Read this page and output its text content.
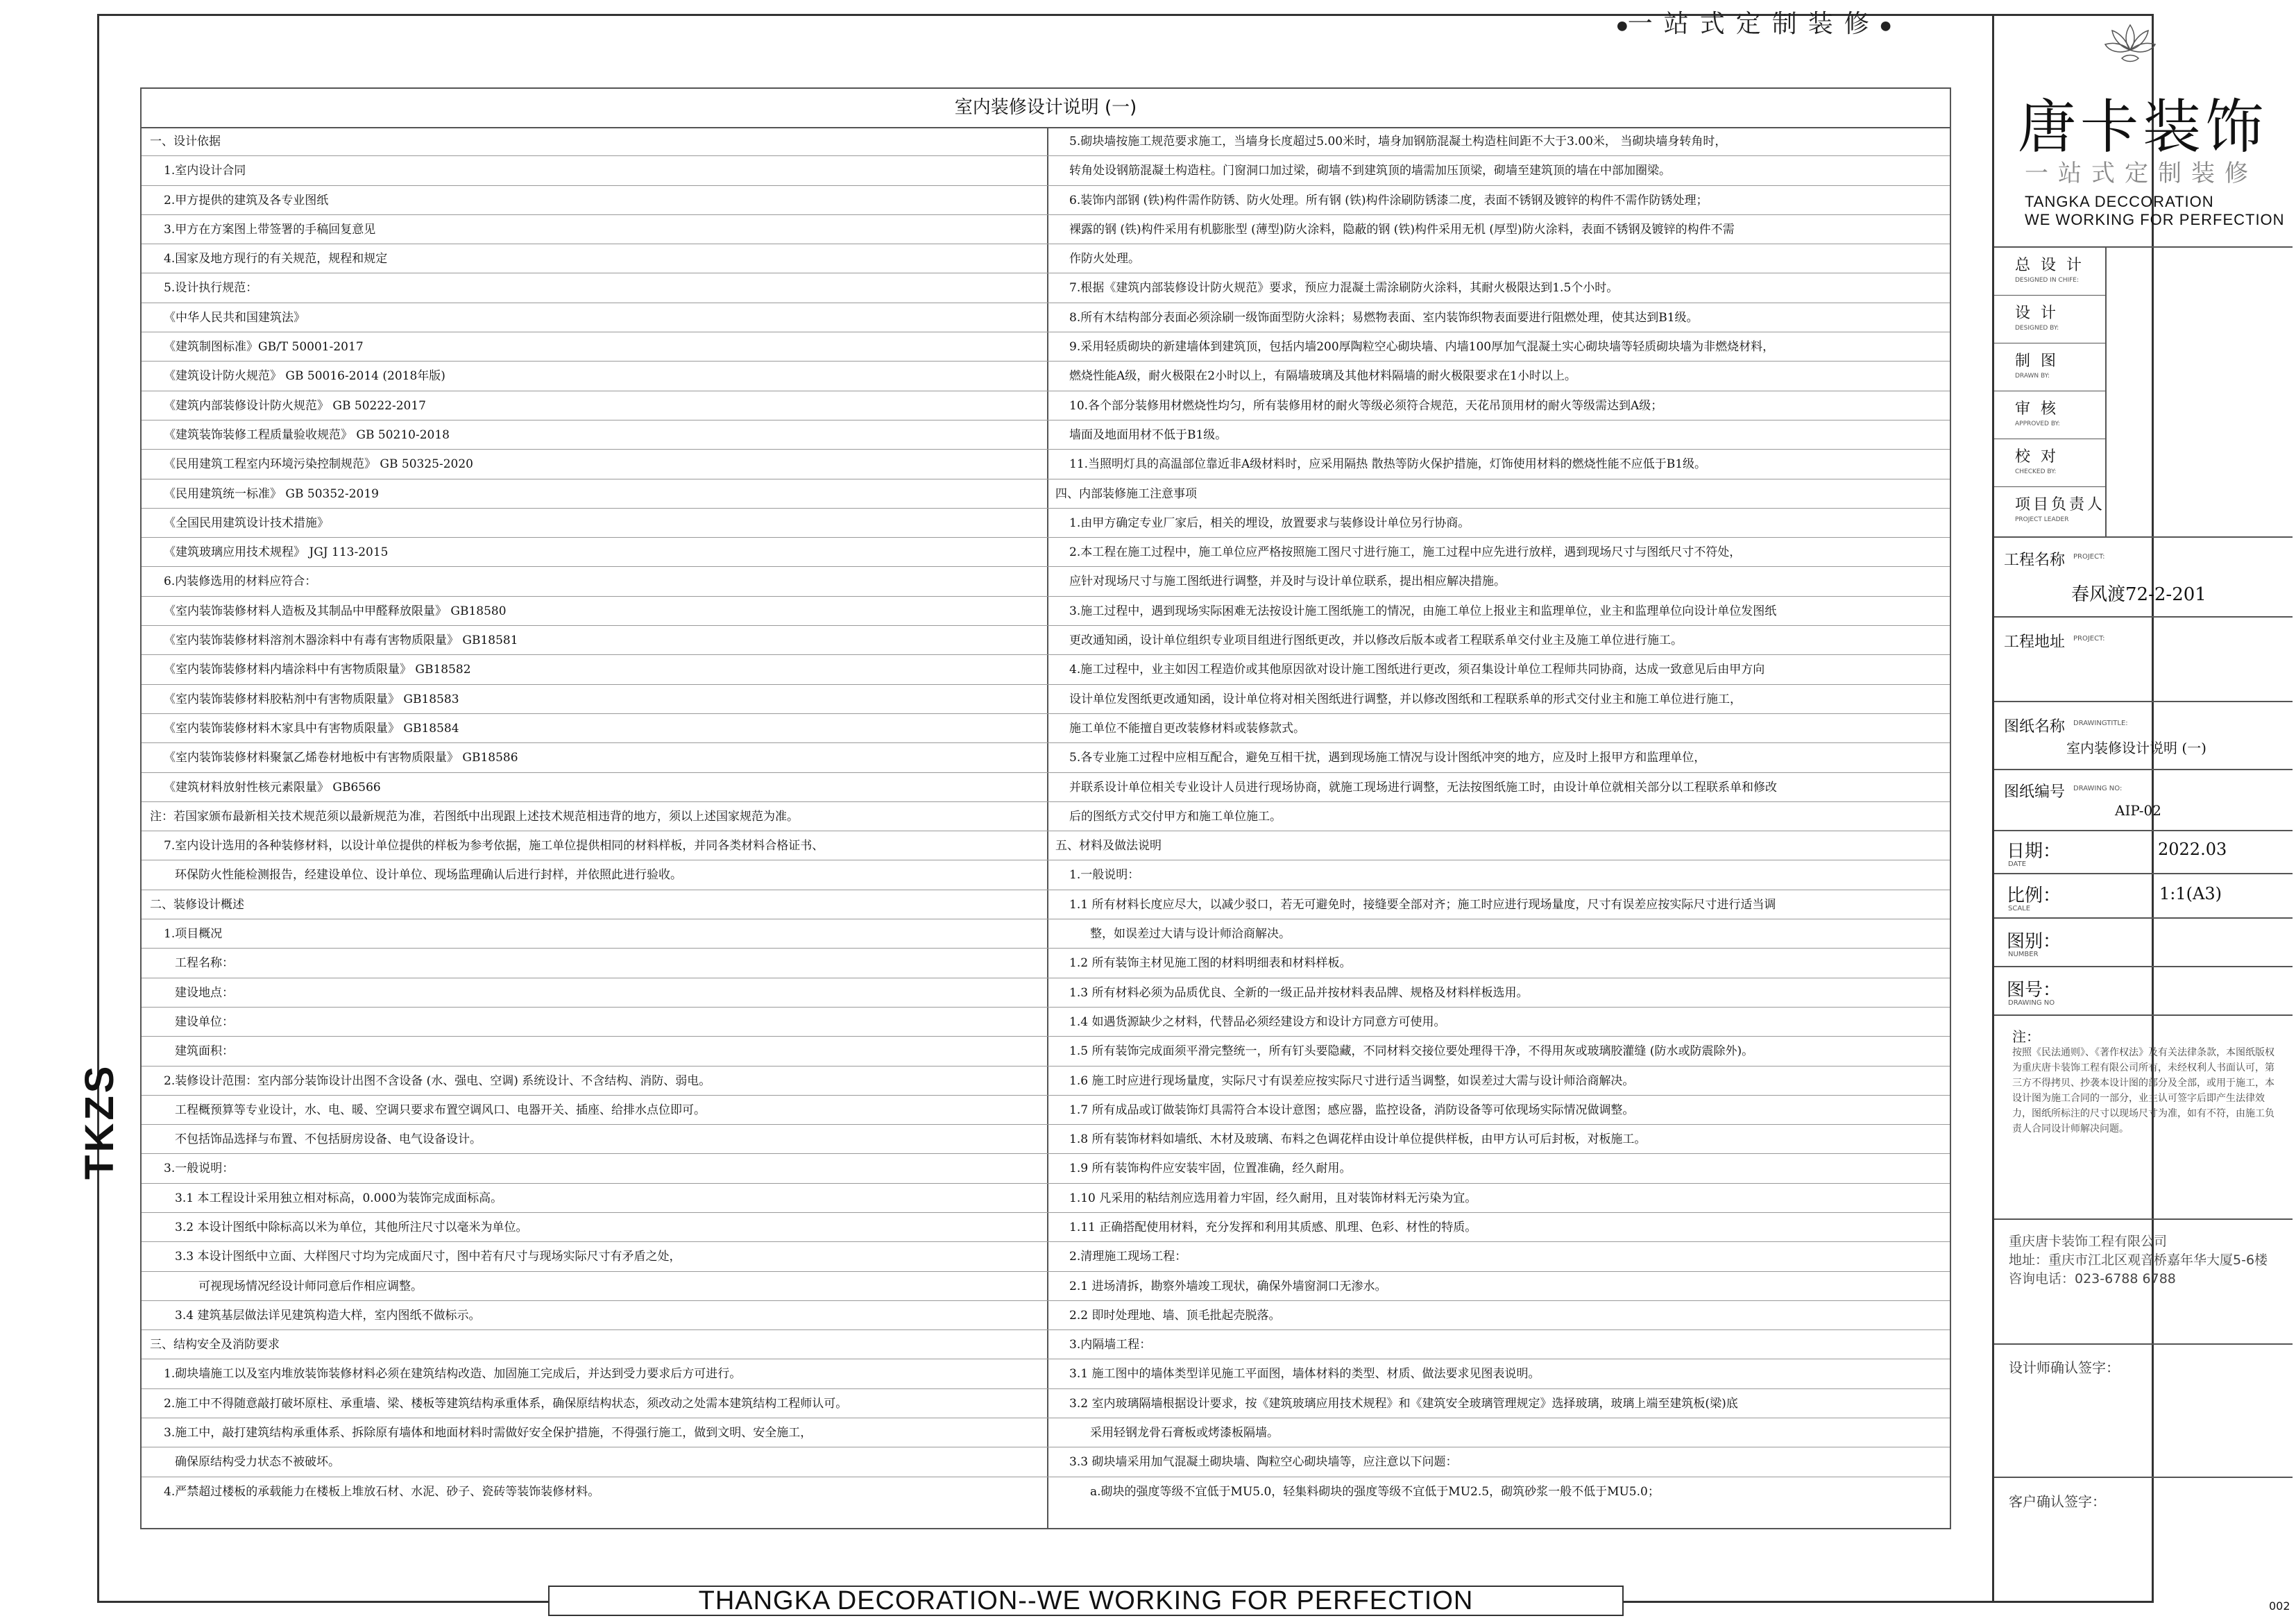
●一站式定制装修●
TKZS
室内装修设计说明 (一)
一、设计依据
1.室内设计合同
2.甲方提供的建筑及各专业图纸
3.甲方在方案图上带签署的手稿回复意见
4.国家及地方现行的有关规范，规程和规定
5.设计执行规范：
《中华人民共和国建筑法》
《建筑制图标准》GB/T 50001-2017
《建筑设计防火规范》 GB 50016-2014 (2018年版)
《建筑内部装修设计防火规范》 GB 50222-2017
《建筑装饰装修工程质量验收规范》 GB 50210-2018
《民用建筑工程室内环境污染控制规范》 GB 50325-2020
《民用建筑统一标准》 GB 50352-2019
《全国民用建筑设计技术措施》
《建筑玻璃应用技术规程》 JGJ 113-2015
6.内装修选用的材料应符合：
《室内装饰装修材料人造板及其制品中甲醛释放限量》 GB18580
《室内装饰装修材料溶剂木器涂料中有毒有害物质限量》 GB18581
《室内装饰装修材料内墙涂料中有害物质限量》 GB18582
《室内装饰装修材料胶粘剂中有害物质限量》 GB18583
《室内装饰装修材料木家具中有害物质限量》 GB18584
《室内装饰装修材料聚氯乙烯卷材地板中有害物质限量》 GB18586
《建筑材料放射性核元素限量》 GB6566
注：若国家颁布最新相关技术规范须以最新规范为准，若图纸中出现跟上述技术规范相违背的地方，须以上述国家规范为准。
7.室内设计选用的各种装修材料，以设计单位提供的样板为参考依据，施工单位提供相同的材料样板，并同各类材料合格证书、
环保防火性能检测报告，经建设单位、设计单位、现场监理确认后进行封样，并依照此进行验收。
二、装修设计概述
1.项目概况
工程名称：
建设地点：
建设单位：
建筑面积：
2.装修设计范围：室内部分装饰设计出图不含设备 (水、强电、空调) 系统设计、不含结构、消防、弱电。
工程概预算等专业设计，水、电、暖、空调只要求布置空调风口、电器开关、插座、给排水点位即可。
不包括饰品选择与布置、不包括厨房设备、电气设备设计。
3.一般说明：
3.1 本工程设计采用独立相对标高，0.000为装饰完成面标高。
3.2 本设计图纸中除标高以米为单位，其他所注尺寸以毫米为单位。
3.3 本设计图纸中立面、大样图尺寸均为完成面尺寸，图中若有尺寸与现场实际尺寸有矛盾之处，
可视现场情况经设计师同意后作相应调整。
3.4 建筑基层做法详见建筑构造大样，室内图纸不做标示。
三、结构安全及消防要求
1.砌块墙施工以及室内堆放装饰装修材料必须在建筑结构改造、加固施工完成后，并达到受力要求后方可进行。
2.施工中不得随意敲打破坏原柱、承重墙、梁、楼板等建筑结构承重体系，确保原结构状态，须改动之处需本建筑结构工程师认可。
3.施工中，敲打建筑结构承重体系、拆除原有墙体和地面材料时需做好安全保护措施，不得强行施工，做到文明、安全施工，
确保原结构受力状态不被破坏。
4.严禁超过楼板的承载能力在楼板上堆放石材、水泥、砂子、瓷砖等装饰装修材料。
5.砌块墙按施工规范要求施工，当墙身长度超过5.00米时，墙身加钢筋混凝土构造柱间距不大于3.00米， 当砌块墙身转角时，
转角处设钢筋混凝土构造柱。门窗洞口加过梁，砌墙不到建筑顶的墙需加压顶梁，砌墙至建筑顶的墙在中部加圈梁。
6.装饰内部钢 (铁)构件需作防锈、防火处理。所有钢 (铁)构件涂刷防锈漆二度，表面不锈钢及镀锌的构件不需作防锈处理；
裸露的钢 (铁)构件采用有机膨胀型 (薄型)防火涂料，隐蔽的钢 (铁)构件采用无机 (厚型)防火涂料，表面不锈钢及镀锌的构件不需
作防火处理。
7.根据《建筑内部装修设计防火规范》要求，预应力混凝土需涂刷防火涂料，其耐火极限达到1.5个小时。
8.所有木结构部分表面必须涂刷一级饰面型防火涂料；易燃物表面、室内装饰织物表面要进行阻燃处理，使其达到B1级。
9.采用轻质砌块的新建墙体到建筑顶，包括内墙200厚陶粒空心砌块墙、内墙100厚加气混凝土实心砌块墙等轻质砌块墙为非燃烧材料，
燃烧性能A级，耐火极限在2小时以上，有隔墙玻璃及其他材料隔墙的耐火极限要求在1小时以上。
10.各个部分装修用材燃烧性均匀，所有装修用材的耐火等级必须符合规范，天花吊顶用材的耐火等级需达到A级；
墙面及地面用材不低于B1级。
11.当照明灯具的高温部位靠近非A级材料时，应采用隔热 散热等防火保护措施，灯饰使用材料的燃烧性能不应低于B1级。
四、内部装修施工注意事项
1.由甲方确定专业厂家后，相关的埋设，放置要求与装修设计单位另行协商。
2.本工程在施工过程中，施工单位应严格按照施工图尺寸进行施工，施工过程中应先进行放样，遇到现场尺寸与图纸尺寸不符处，
应针对现场尺寸与施工图纸进行调整，并及时与设计单位联系，提出相应解决措施。
3.施工过程中，遇到现场实际困难无法按设计施工图纸施工的情况，由施工单位上报业主和监理单位，业主和监理单位向设计单位发图纸
更改通知函，设计单位组织专业项目组进行图纸更改，并以修改后版本或者工程联系单交付业主及施工单位进行施工。
4.施工过程中，业主如因工程造价或其他原因欲对设计施工图纸进行更改，须召集设计单位工程师共同协商，达成一致意见后由甲方向
设计单位发图纸更改通知函，设计单位将对相关图纸进行调整，并以修改图纸和工程联系单的形式交付业主和施工单位进行施工，
施工单位不能擅自更改装修材料或装修款式。
5.各专业施工过程中应相互配合，避免互相干扰，遇到现场施工情况与设计图纸冲突的地方，应及时上报甲方和监理单位，
并联系设计单位相关专业设计人员进行现场协商，就施工现场进行调整，无法按图纸施工时，由设计单位就相关部分以工程联系单和修改
后的图纸方式交付甲方和施工单位施工。
五、材料及做法说明
1.一般说明：
1.1 所有材料长度应尽大，以减少驳口，若无可避免时，接缝要全部对齐；施工时应进行现场量度，尺寸有误差应按实际尺寸进行适当调
整，如误差过大请与设计师洽商解决。
1.2 所有装饰主材见施工图的材料明细表和材料样板。
1.3 所有材料必须为品质优良、全新的一级正品并按材料表品牌、规格及材料样板选用。
1.4 如遇货源缺少之材料，代替品必须经建设方和设计方同意方可使用。
1.5 所有装饰完成面须平滑完整统一，所有钉头要隐藏，不同材料交接位要处理得干净，不得用灰或玻璃胶灌缝 (防水或防震除外)。
1.6 施工时应进行现场量度，实际尺寸有误差应按实际尺寸进行适当调整，如误差过大需与设计师洽商解决。
1.7 所有成品或订做装饰灯具需符合本设计意图；感应器，监控设备，消防设备等可依现场实际情况做调整。
1.8 所有装饰材料如墙纸、木材及玻璃、布料之色调花样由设计单位提供样板，由甲方认可后封板，对板施工。
1.9 所有装饰构件应安装牢固，位置准确，经久耐用。
1.10 凡采用的粘结剂应选用着力牢固，经久耐用，且对装饰材料无污染为宜。
1.11 正确搭配使用材料，充分发挥和利用其质感、肌理、色彩、材性的特质。
2.清理施工现场工程：
2.1 进场清拆，勘察外墙竣工现状，确保外墙窗洞口无渗水。
2.2 即时处理地、墙、顶毛批起壳脱落。
3.内隔墙工程：
3.1 施工图中的墙体类型详见施工平面图，墙体材料的类型、材质、做法要求见图表说明。
3.2 室内玻璃隔墙根据设计要求，按《建筑玻璃应用技术规程》和《建筑安全玻璃管理规定》选择玻璃，玻璃上端至建筑板(梁)底
采用轻钢龙骨石膏板或烤漆板隔墙。
3.3 砌块墙采用加气混凝土砌块墙、陶粒空心砌块墙等，应注意以下问题：
a.砌块的强度等级不宜低于MU5.0，轻集料砌块的强度等级不宜低于MU2.5，砌筑砂浆一般不低于MU5.0；
唐卡装饰
一站式定制装修
TANGKA DECCORATION
WE WORKING FOR PERFECTION
总 设 计
DESIGNED IN CHIFE:
设 计
DESIGNED BY:
制 图
DRAWN BY:
审 核
APPROVED BY:
校 对
CHECKED BY:
项目负责人
PROJECT LEADER
工程名称 PROJECT:
春风渡72-2-201
工程地址 PROJECT:
图纸名称 DRAWINGTITLE:
室内装修设计说明 (一)
图纸编号 DRAWING NO:
AIP-02
日期：
DATE
2022.03
比例：
SCALE
1:1(A3)
图别：
NUMBER
图号：
DRAWING NO
注：
按照《民法通则》、《著作权法》及有关法律条款，本图纸版权为重庆唐卡装饰工程有限公司所有，未经权利人书面认可，第三方不得拷贝、抄袭本设计图的部分及全部，或用于施工，本设计图为施工合同的一部分，业主认可签字后即产生法律效力，图纸所标注的尺寸以现场尺寸为准，如有不符，由施工负责人合同设计师解决问题。
重庆唐卡装饰工程有限公司
地址：重庆市江北区观音桥嘉年华大厦5-6楼
咨询电话：023-6788 6788
设计师确认签字：
客户确认签字：
THANGKA DECORATION--WE WORKING FOR PERFECTION	002
